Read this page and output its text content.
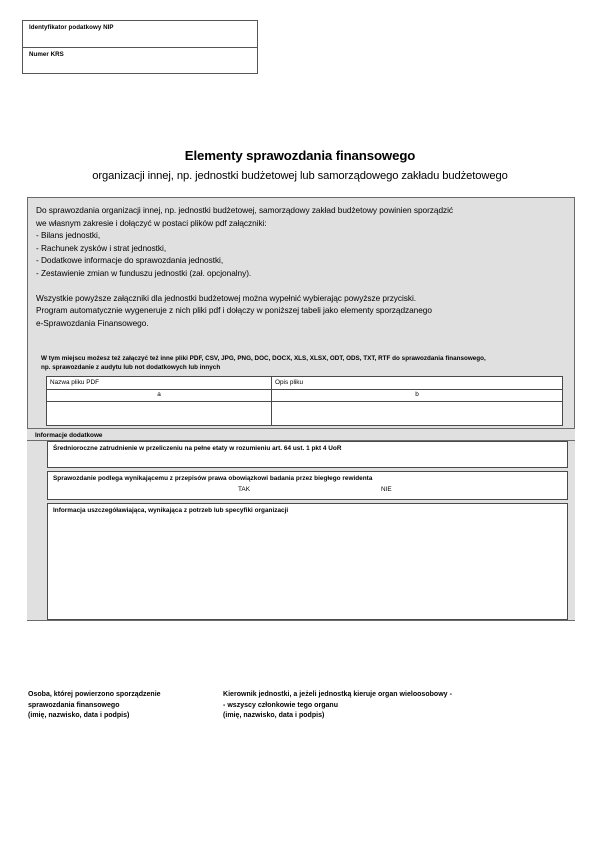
Identyfikator podatkowy NIP
Numer KRS
Elementy sprawozdania finansowego
organizacji innej, np. jednostki budżetowej lub samorządowego zakładu budżetowego
Do sprawozdania organizacji innej, np. jednostki budżetowej, samorządowy zakład budżetowy powinien sporządzić
we własnym zakresie i dołączyć w postaci plików pdf załączniki:
- Bilans jednostki,
- Rachunek zysków i strat jednostki,
- Dodatkowe informacje do sprawozdania jednostki,
- Zestawienie zmian w funduszu jednostki (zał. opcjonalny).
Wszystkie powyższe załączniki dla jednostki budżetowej można wypełnić wybierając powyższe przyciski.
Program automatycznie wygeneruje z nich pliki pdf i dołączy w poniższej tabeli jako elementy sporządzanego
e-Sprawozdania Finansowego.
W tym miejscu możesz też załączyć też inne pliki PDF, CSV, JPG, PNG, DOC, DOCX, XLS, XLSX, ODT, ODS, TXT, RTF do sprawozdania finansowego,
np. sprawozdanie z audytu lub not dodatkowych lub innych
Nazwa pliku PDF	Opis pliku
a	b
Informacje dodatkowe
Średnioroczne zatrudnienie w przeliczeniu na pełne etaty w rozumieniu art. 64 ust. 1 pkt 4 UoR
Sprawozdanie podlega wynikającemu z przepisów prawa obowiązkowi badania przez biegłego rewidenta
TAK	NIE
Informacja uszczegóławiająca, wynikająca z potrzeb lub specyfiki organizacji
Osoba, której powierzono sporządzenie
sprawozdania finansowego
(imię, nazwisko, data i podpis)
Kierownik jednostki, a jeżeli jednostką kieruje organ wieloosobowy -
- wszyscy członkowie tego organu
(imię, nazwisko, data i podpis)
